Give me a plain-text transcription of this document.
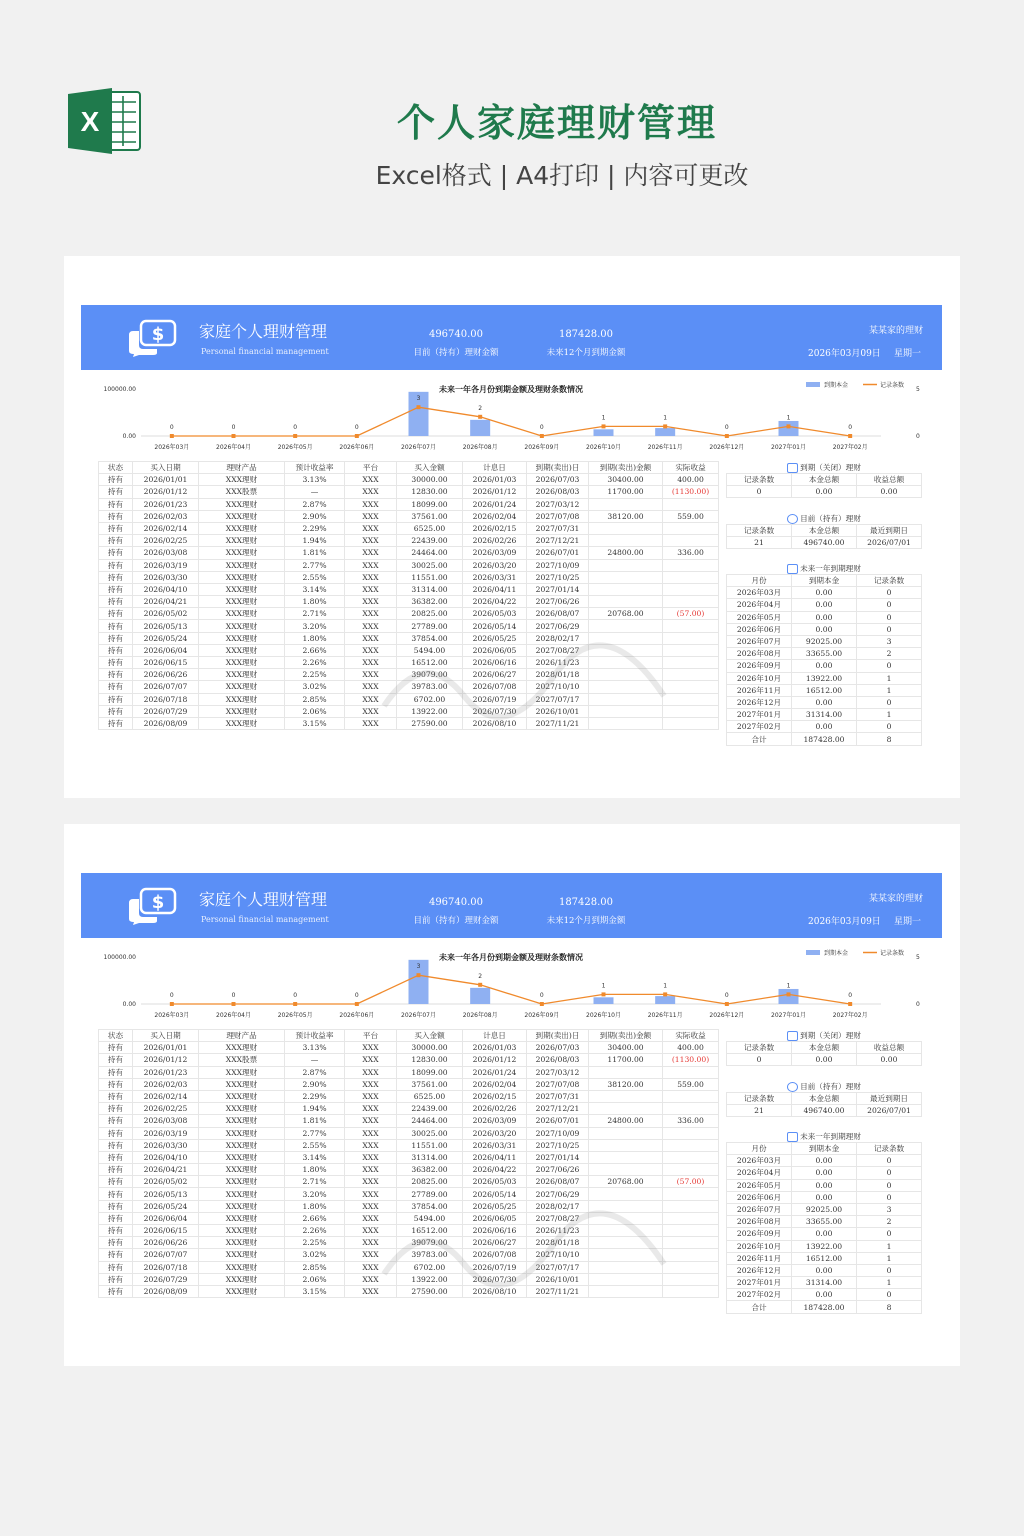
X	个人家庭理财管理
Excel格式 | A4打印 | 内容可更改
$ 家庭个人理财管理
Personal financial management
496740.00
目前（持有）理财金额
187428.00
未来12个月到期金额
某某家的理财
2026年03月09日 星期一
100000.00
0.00
5
0
未来一年各月份到期金额及理财条数情况	到期本金	记录条数
0
2026年03月
0
2026年04月
0
2026年05月
0
2026年06月
3
2026年07月
2
2026年08月
0
2026年09月
1
2026年10月
1
2026年11月
0
2026年12月
1
2027年01月
0
2027年02月
状态	买入日期	理财产品	预计收益率	平台	买入金额	计息日	到期(卖出)日	到期(卖出)金额	实际收益
持有	2026/01/01	XXX理财	3.13%	XXX	30000.00	2026/01/03	2026/07/03	30400.00	400.00
持有	2026/01/12	XXX股票	—	XXX	12830.00	2026/01/12	2026/08/03	11700.00	(1130.00)
持有	2026/01/23	XXX理财	2.87%	XXX	18099.00	2026/01/24	2027/03/12		
持有	2026/02/03	XXX理财	2.90%	XXX	37561.00	2026/02/04	2027/07/08	38120.00	559.00
持有	2026/02/14	XXX理财	2.29%	XXX	6525.00	2026/02/15	2027/07/31		
持有	2026/02/25	XXX理财	1.94%	XXX	22439.00	2026/02/26	2027/12/21		
持有	2026/03/08	XXX理财	1.81%	XXX	24464.00	2026/03/09	2026/07/01	24800.00	336.00
持有	2026/03/19	XXX理财	2.77%	XXX	30025.00	2026/03/20	2027/10/09		
持有	2026/03/30	XXX理财	2.55%	XXX	11551.00	2026/03/31	2027/10/25		
持有	2026/04/10	XXX理财	3.14%	XXX	31314.00	2026/04/11	2027/01/14		
持有	2026/04/21	XXX理财	1.80%	XXX	36382.00	2026/04/22	2027/06/26		
持有	2026/05/02	XXX理财	2.71%	XXX	20825.00	2026/05/03	2026/08/07	20768.00	(57.00)
持有	2026/05/13	XXX理财	3.20%	XXX	27789.00	2026/05/14	2027/06/29		
持有	2026/05/24	XXX理财	1.80%	XXX	37854.00	2026/05/25	2028/02/17		
持有	2026/06/04	XXX理财	2.66%	XXX	5494.00	2026/06/05	2027/08/27		
持有	2026/06/15	XXX理财	2.26%	XXX	16512.00	2026/06/16	2026/11/23		
持有	2026/06/26	XXX理财	2.25%	XXX	39079.00	2026/06/27	2028/01/18		
持有	2026/07/07	XXX理财	3.02%	XXX	39783.00	2026/07/08	2027/10/10		
持有	2026/07/18	XXX理财	2.85%	XXX	6702.00	2026/07/19	2027/07/17		
持有	2026/07/29	XXX理财	2.06%	XXX	13922.00	2026/07/30	2026/10/01		
持有	2026/08/09	XXX理财	3.15%	XXX	27590.00	2026/08/10	2027/11/21		
到期（关闭）理财		
记录条数	本金总额	收益总额
0	0.00	0.00
目前（持有）理财		
记录条数	本金总额	最近到期日
21	496740.00	2026/07/01
未来一年到期理财		
月份	到期本金	记录条数
2026年03月	0.00	0
2026年04月	0.00	0
2026年05月	0.00	0
2026年06月	0.00	0
2026年07月	92025.00	3
2026年08月	33655.00	2
2026年09月	0.00	0
2026年10月	13922.00	1
2026年11月	16512.00	1
2026年12月	0.00	0
2027年01月	31314.00	1
2027年02月	0.00	0
合计	187428.00	8
$ 家庭个人理财管理
Personal financial management
496740.00
目前（持有）理财金额
187428.00
未来12个月到期金额
某某家的理财
2026年03月09日 星期一
100000.00
0.00
5
0
未来一年各月份到期金额及理财条数情况	到期本金	记录条数
0
2026年03月
0
2026年04月
0
2026年05月
0
2026年06月
3
2026年07月
2
2026年08月
0
2026年09月
1
2026年10月
1
2026年11月
0
2026年12月
1
2027年01月
0
2027年02月
状态	买入日期	理财产品	预计收益率	平台	买入金额	计息日	到期(卖出)日	到期(卖出)金额	实际收益
持有	2026/01/01	XXX理财	3.13%	XXX	30000.00	2026/01/03	2026/07/03	30400.00	400.00
持有	2026/01/12	XXX股票	—	XXX	12830.00	2026/01/12	2026/08/03	11700.00	(1130.00)
持有	2026/01/23	XXX理财	2.87%	XXX	18099.00	2026/01/24	2027/03/12		
持有	2026/02/03	XXX理财	2.90%	XXX	37561.00	2026/02/04	2027/07/08	38120.00	559.00
持有	2026/02/14	XXX理财	2.29%	XXX	6525.00	2026/02/15	2027/07/31		
持有	2026/02/25	XXX理财	1.94%	XXX	22439.00	2026/02/26	2027/12/21		
持有	2026/03/08	XXX理财	1.81%	XXX	24464.00	2026/03/09	2026/07/01	24800.00	336.00
持有	2026/03/19	XXX理财	2.77%	XXX	30025.00	2026/03/20	2027/10/09		
持有	2026/03/30	XXX理财	2.55%	XXX	11551.00	2026/03/31	2027/10/25		
持有	2026/04/10	XXX理财	3.14%	XXX	31314.00	2026/04/11	2027/01/14		
持有	2026/04/21	XXX理财	1.80%	XXX	36382.00	2026/04/22	2027/06/26		
持有	2026/05/02	XXX理财	2.71%	XXX	20825.00	2026/05/03	2026/08/07	20768.00	(57.00)
持有	2026/05/13	XXX理财	3.20%	XXX	27789.00	2026/05/14	2027/06/29		
持有	2026/05/24	XXX理财	1.80%	XXX	37854.00	2026/05/25	2028/02/17		
持有	2026/06/04	XXX理财	2.66%	XXX	5494.00	2026/06/05	2027/08/27		
持有	2026/06/15	XXX理财	2.26%	XXX	16512.00	2026/06/16	2026/11/23		
持有	2026/06/26	XXX理财	2.25%	XXX	39079.00	2026/06/27	2028/01/18		
持有	2026/07/07	XXX理财	3.02%	XXX	39783.00	2026/07/08	2027/10/10		
持有	2026/07/18	XXX理财	2.85%	XXX	6702.00	2026/07/19	2027/07/17		
持有	2026/07/29	XXX理财	2.06%	XXX	13922.00	2026/07/30	2026/10/01		
持有	2026/08/09	XXX理财	3.15%	XXX	27590.00	2026/08/10	2027/11/21		
到期（关闭）理财		
记录条数	本金总额	收益总额
0	0.00	0.00
目前（持有）理财		
记录条数	本金总额	最近到期日
21	496740.00	2026/07/01
未来一年到期理财		
月份	到期本金	记录条数
2026年03月	0.00	0
2026年04月	0.00	0
2026年05月	0.00	0
2026年06月	0.00	0
2026年07月	92025.00	3
2026年08月	33655.00	2
2026年09月	0.00	0
2026年10月	13922.00	1
2026年11月	16512.00	1
2026年12月	0.00	0
2027年01月	31314.00	1
2027年02月	0.00	0
合计	187428.00	8
